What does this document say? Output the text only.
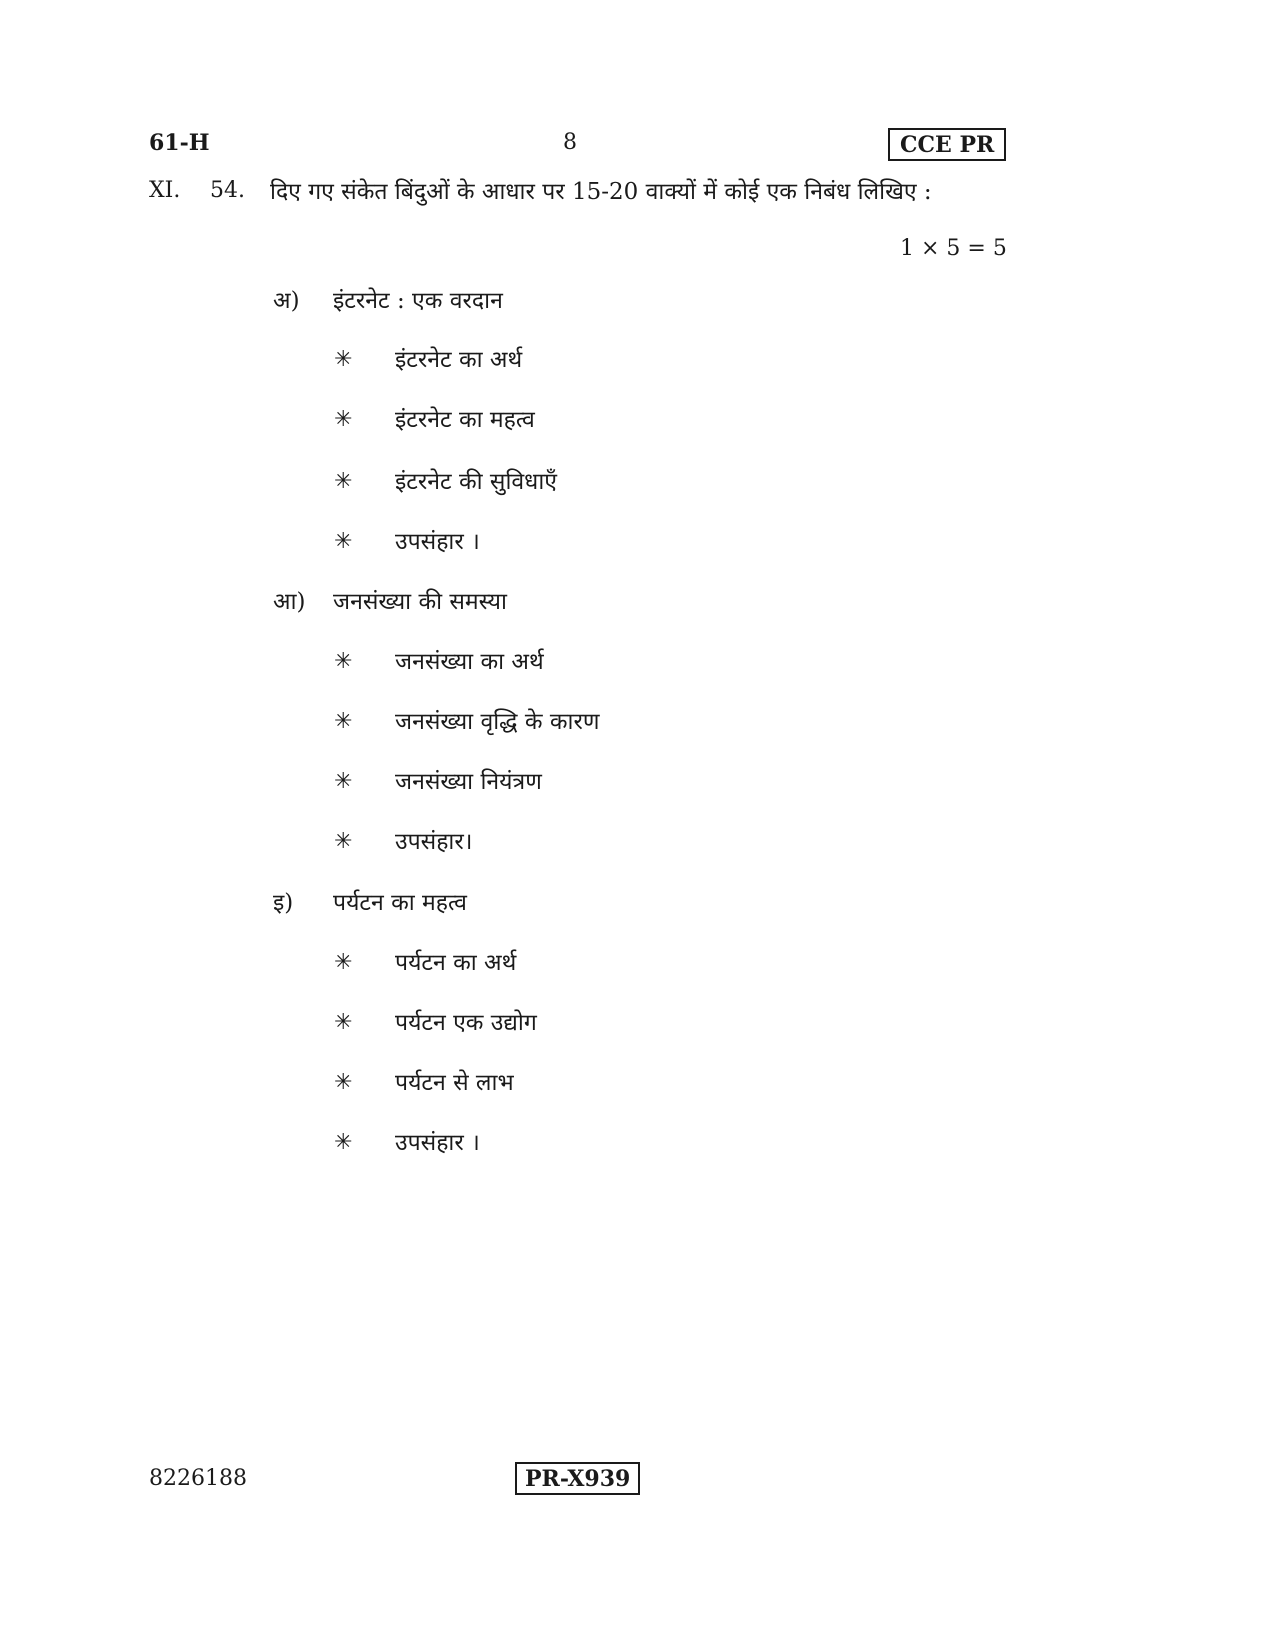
61-H	8	CCE PR
XI. 54. दिए गए संकेत बिंदुओं के आधार पर 15-20 वाक्यों में कोई एक निबंध लिखिए :
1 × 5 = 5
अ) इंटरनेट : एक वरदान
✳ इंटरनेट का अर्थ
✳ इंटरनेट का महत्व
✳ इंटरनेट की सुविधाएँ
✳ उपसंहार ।
आ) जनसंख्या की समस्या
✳ जनसंख्या का अर्थ
✳ जनसंख्या वृद्धि के कारण
✳ जनसंख्या नियंत्रण
✳ उपसंहार।
इ) पर्यटन का महत्व
✳ पर्यटन का अर्थ
✳ पर्यटन एक उद्योग
✳ पर्यटन से लाभ
✳ उपसंहार ।
8226188	PR-X939
